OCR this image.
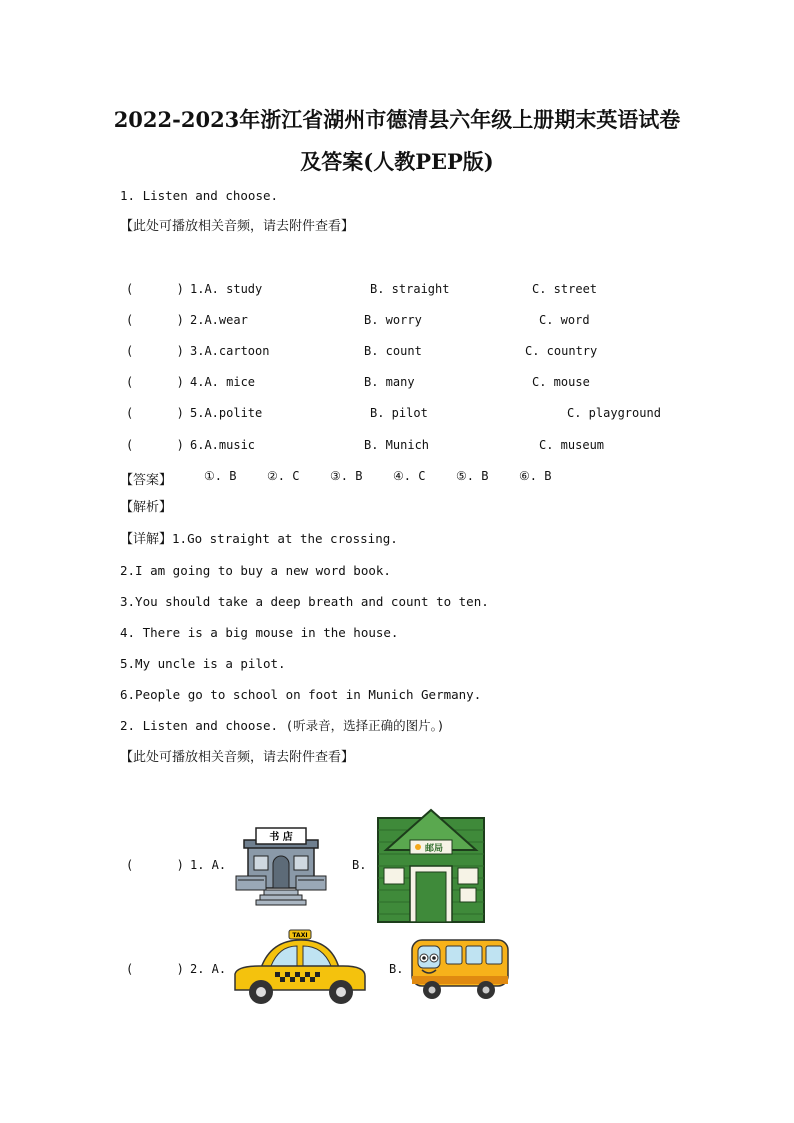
2022-2023年浙江省湖州市德清县六年级上册期末英语试卷
及答案(人教PEP版)
1. Listen and choose.
【此处可播放相关音频，请去附件查看】
(      ) 1.A. study	B. straight	C. street
(      ) 2.A.wear	B. worry	C. word
(      ) 3.A.cartoon	B. count	C. country
(      ) 4.A. mice	B. many	C. mouse
(      ) 5.A.polite	B. pilot	C. playground
(      ) 6.A.music	B. Munich	C. museum
【答案】	①. B	②. C	③. B	④. C	⑤. B	⑥. B
【解析】
【详解】1.Go straight at the crossing.
2.I am going to buy a new word book.
3.You should take a deep breath and count to ten.
4. There is a big mouse in the house.
5.My uncle is a pilot.
6.People go to school on foot in Munich Germany.
2. Listen and choose. (听录音，选择正确的图片。)
【此处可播放相关音频，请去附件查看】
(      ) 1. A.	B.
(      ) 2. A.	B.
书 店
邮局
TAXI
